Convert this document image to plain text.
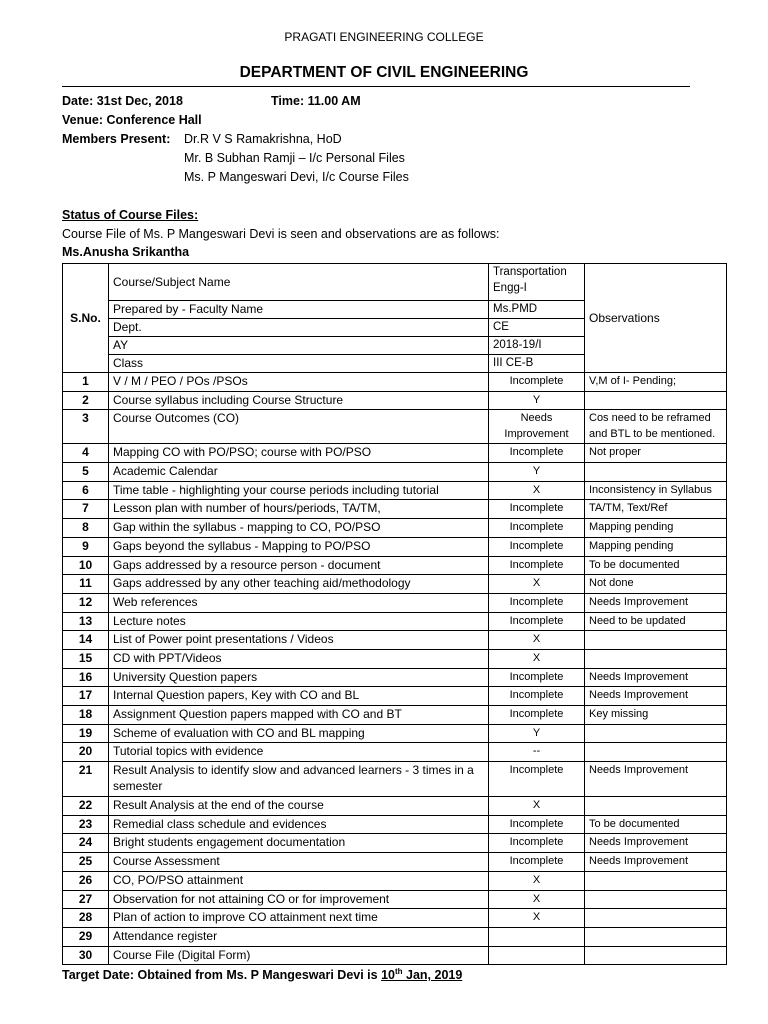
PRAGATI ENGINEERING COLLEGE
DEPARTMENT OF CIVIL ENGINEERING
Date: 31st Dec, 2018	Time: 11.00 AM
Venue: Conference Hall
Members Present: Dr.R V S Ramakrishna, HoD
Mr. B Subhan Ramji – I/c Personal Files
Ms. P Mangeswari Devi, I/c Course Files
Status of Course Files:
Course File of Ms. P Mangeswari Devi is seen and observations are as follows:
Ms.Anusha Srikantha
S.No.	Course/Subject Name	Transportation Engg-I	Observations
	Prepared by - Faculty Name	Ms.PMD	
	Dept.	CE	
	AY	2018-19/I	
	Class	III CE-B	
1	V / M / PEO / POs /PSOs	Incomplete	V,M of I- Pending;
2	Course syllabus including Course Structure	Y	
3	Course Outcomes (CO)	Needs Improvement	Cos need to be reframed and BTL to be mentioned.
4	Mapping CO with PO/PSO; course with PO/PSO	Incomplete	Not proper
5	Academic Calendar	Y	
6	Time table - highlighting your course periods including tutorial	X	Inconsistency in Syllabus
7	Lesson plan with number of hours/periods, TA/TM,	Incomplete	TA/TM, Text/Ref
8	Gap within the syllabus - mapping to CO, PO/PSO	Incomplete	Mapping pending
9	Gaps beyond the syllabus - Mapping to PO/PSO	Incomplete	Mapping pending
10	Gaps addressed by a resource person - document	Incomplete	To be documented
11	Gaps addressed by any other teaching aid/methodology	X	Not done
12	Web references	Incomplete	Needs Improvement
13	Lecture notes	Incomplete	Need to be updated
14	List of Power point presentations / Videos	X	
15	CD with PPT/Videos	X	
16	University Question papers	Incomplete	Needs Improvement
17	Internal Question papers, Key with CO and BL	Incomplete	Needs Improvement
18	Assignment Question papers mapped with CO and BT	Incomplete	Key missing
19	Scheme of evaluation with CO and BL mapping	Y	
20	Tutorial topics with evidence	--	
21	Result Analysis to identify slow and advanced learners - 3 times in a semester	Incomplete	Needs Improvement
22	Result Analysis at the end of the course	X	
23	Remedial class schedule and evidences	Incomplete	To be documented
24	Bright students engagement documentation	Incomplete	Needs Improvement
25	Course Assessment	Incomplete	Needs Improvement
26	CO, PO/PSO attainment	X	
27	Observation for not attaining CO or for improvement	X	
28	Plan of action to improve CO attainment next time	X	
29	Attendance register		
30	Course File (Digital Form)		
Target Date: Obtained from Ms. P Mangeswari Devi is 10th Jan, 2019
